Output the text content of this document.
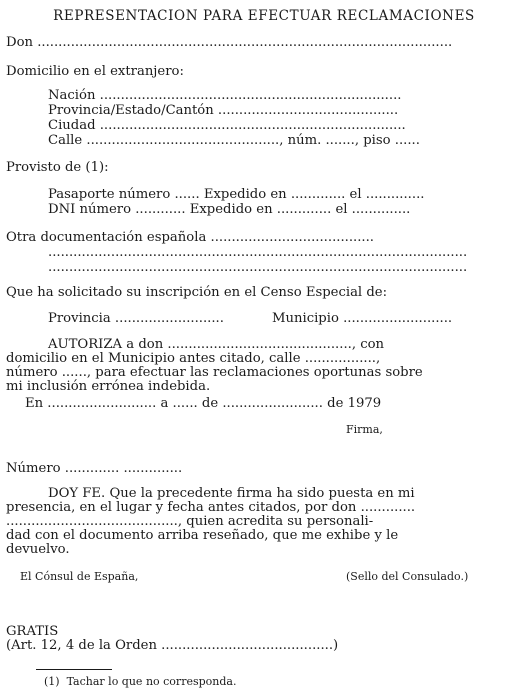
REPRESENTACION PARA EFECTUAR RECLAMACIONES
Don ...................................................................................................
Domicilio en el extranjero:
Nación ........................................................................
Provincia/Estado/Cantón ...........................................
Ciudad .........................................................................
Calle .............................................., núm. ......., piso ......
Provisto de (1):
Pasaporte número ...... Expedido en ............. el ..............
DNI número ............ Expedido en ............. el ..............
Otra documentación española .......................................
....................................................................................................
....................................................................................................
Que ha solicitado su inscripción en el Censo Especial de:
Provincia ..........................	Municipio ..........................
AUTORIZA a don ............................................, con
domicilio en el Municipio antes citado, calle .................,
número ......, para efectuar las reclamaciones oportunas sobre
mi inclusión errónea indebida.
En .......................... a ...... de ........................ de 1979
Firma,
Número ............. ..............
DOY FE. Que la precedente firma ha sido puesta en mi
presencia, en el lugar y fecha antes citados, por don .............
........................................., quien acredita su personali-
dad con el documento arriba reseñado, que me exhibe y le
devuelvo.
El Cónsul de España,	(Sello del Consulado.)
GRATIS
(Art. 12, 4 de la Orden .........................................)
(1)  Tachar lo que no corresponda.
